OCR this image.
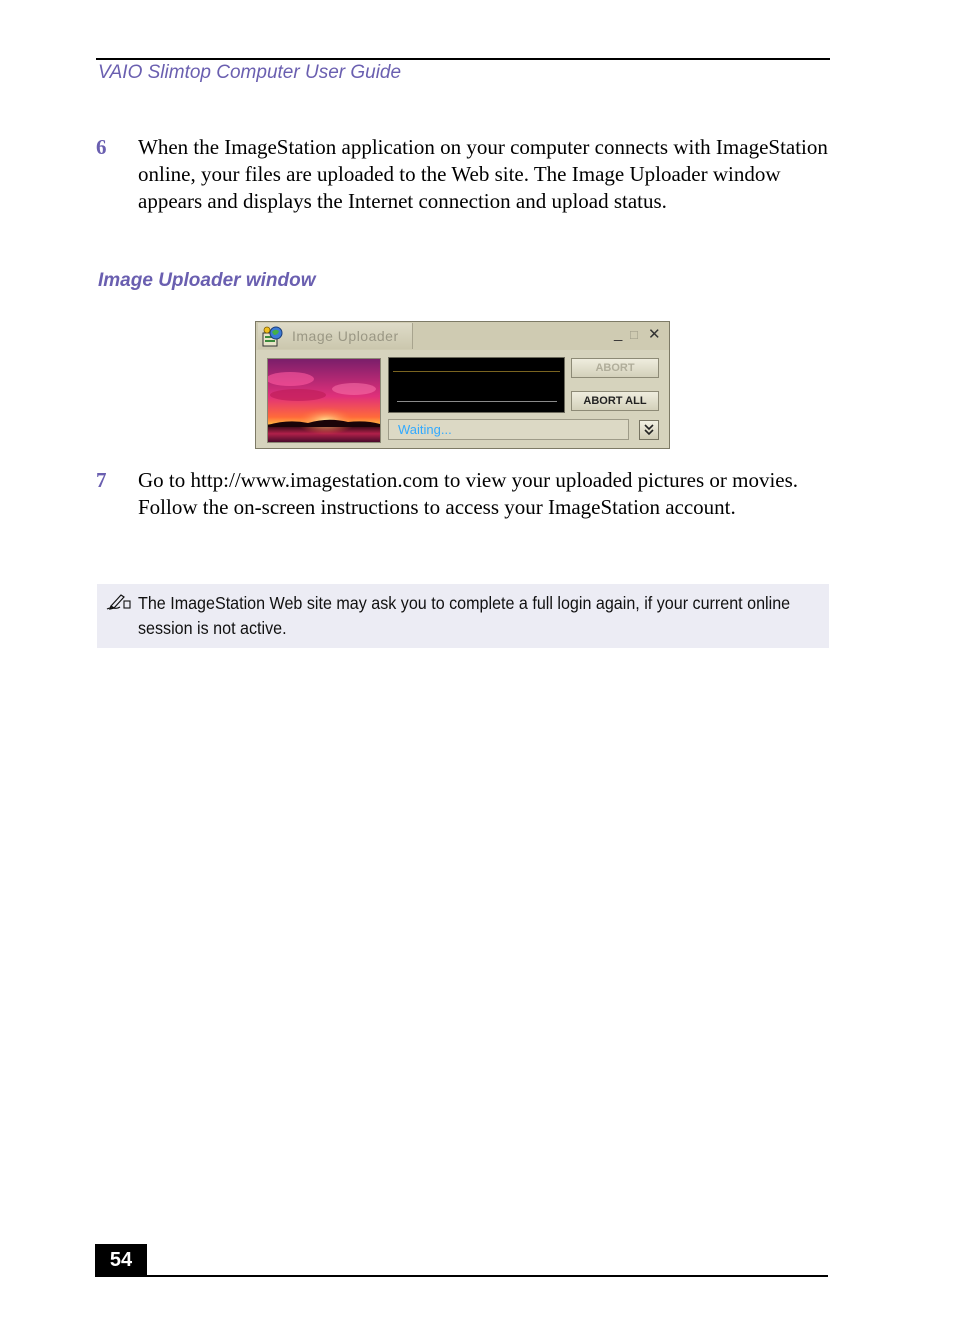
VAIO Slimtop Computer User Guide
6	When the ImageStation application on your computer connects with ImageStation online, your files are uploaded to the Web site. The Image Uploader window appears and displays the Internet connection and upload status.
Image Uploader window
Image Uploader	_ □ ✕
ABORT
ABORT ALL
Waiting...
7	Go to http://www.imagestation.com to view your uploaded pictures or movies. Follow the on-screen instructions to access your ImageStation account.
The ImageStation Web site may ask you to complete a full login again, if your current online session is not active.
54
